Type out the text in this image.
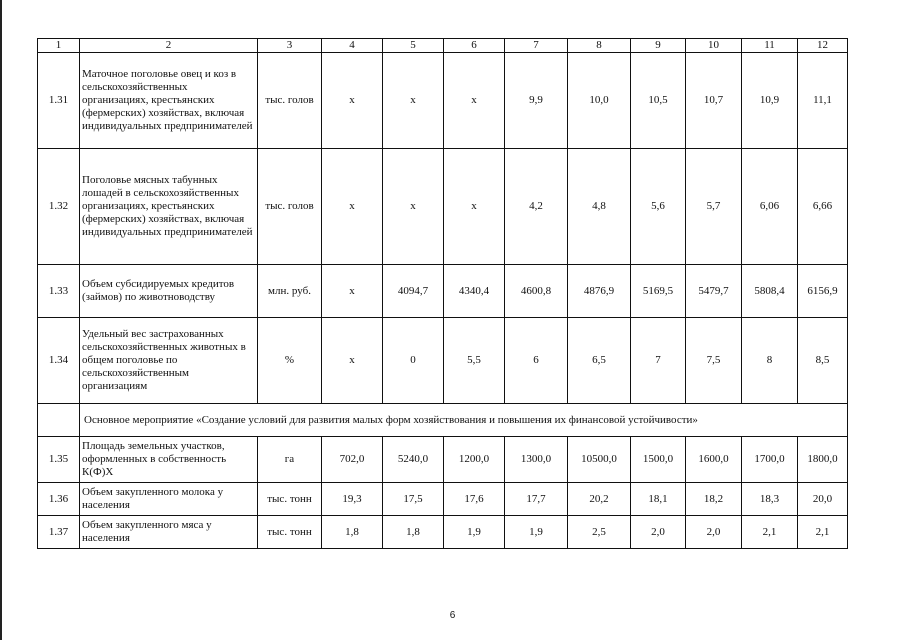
1	2	3	4	5	6	7	8	9	10	11	12
1.31	Маточное поголовье овец и коз в сельскохозяйственных организациях, крестьянских (фермерских) хозяйствах, включая индивидуальных предпринимателей	тыс. голов	х	х	х	9,9	10,0	10,5	10,7	10,9	11,1
1.32	Поголовье мясных табунных лошадей в сельскохозяйственных организациях, крестьянских (фермерских) хозяйствах, включая индивидуальных предпринимателей	тыс. голов	х	х	х	4,2	4,8	5,6	5,7	6,06	6,66
1.33	Объем субсидируемых кредитов (займов) по животноводству	млн. руб.	х	4094,7	4340,4	4600,8	4876,9	5169,5	5479,7	5808,4	6156,9
1.34	Удельный вес застрахованных сельскохозяйственных животных в общем поголовье по сельскохозяйственным организациям	%	х	0	5,5	6	6,5	7	7,5	8	8,5
	Основное мероприятие «Создание условий для развития малых форм хозяйствования и повышения их финансовой устойчивости»										
1.35	Площадь земельных участков, оформленных в собственность К(Ф)Х	га	702,0	5240,0	1200,0	1300,0	10500,0	1500,0	1600,0	1700,0	1800,0
1.36	Объем закупленного молока у населения	тыс. тонн	19,3	17,5	17,6	17,7	20,2	18,1	18,2	18,3	20,0
1.37	Объем закупленного мяса у населения	тыс. тонн	1,8	1,8	1,9	1,9	2,5	2,0	2,0	2,1	2,1
6
